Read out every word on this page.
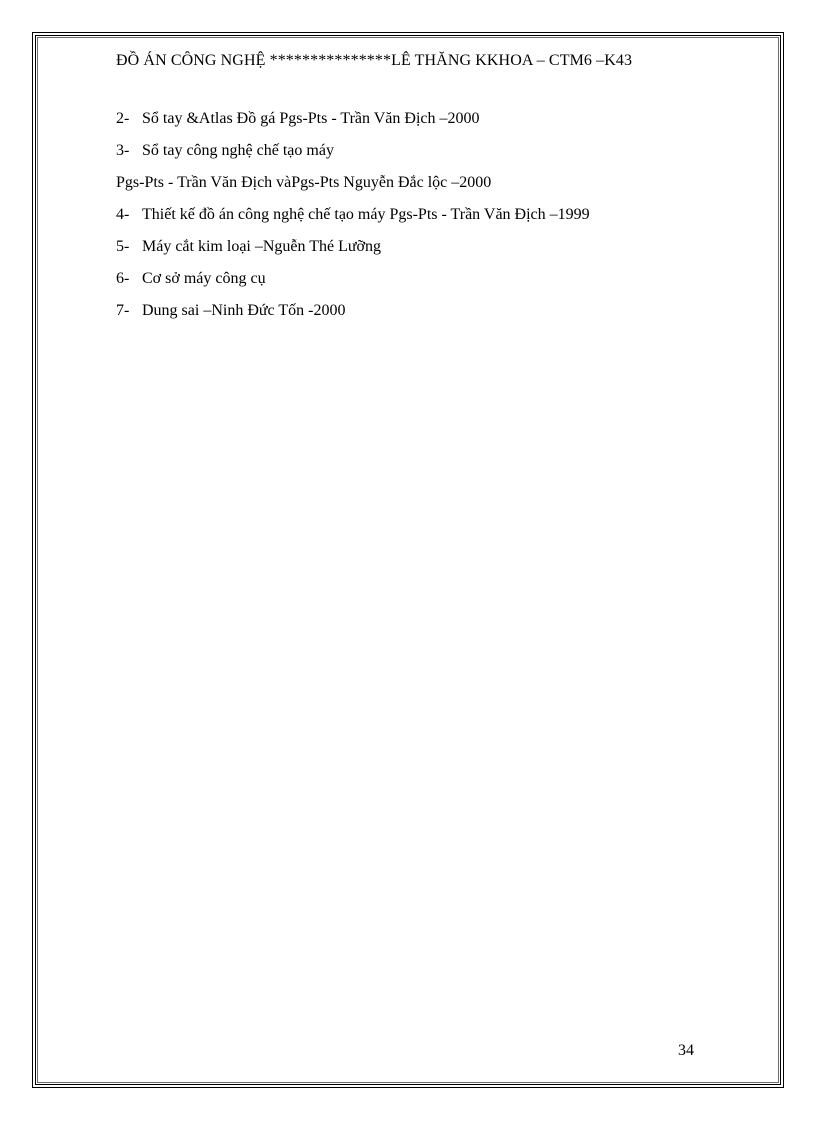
ĐỒ ÁN CÔNG NGHỆ ***************LÊ THĂNG KKHOA – CTM6 –K43
2- Sổ tay &Atlas Đồ gá Pgs-Pts - Trần Văn Địch –2000
3- Sổ tay công nghệ chế tạo máy
Pgs-Pts - Trần Văn Địch vàPgs-Pts Nguyễn Đắc lộc –2000
4- Thiết kế đồ án công nghệ chế tạo máy Pgs-Pts - Trần Văn Địch –1999
5- Máy cắt kim loại –Nguễn Thé Lưỡng
6- Cơ sở máy công cụ
7- Dung sai –Ninh Đức Tốn -2000
34
